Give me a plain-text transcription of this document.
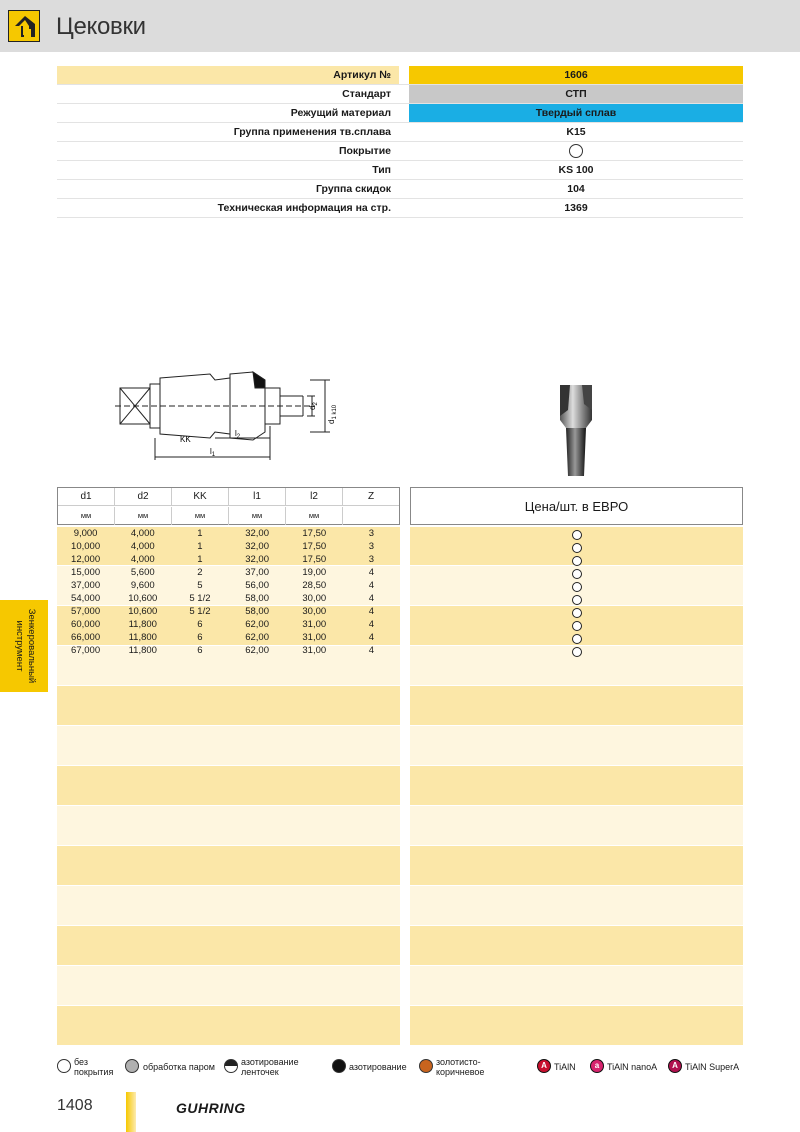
Цековки
Артикул №	1606
Стандарт	СТП
Режущий материал	Твердый сплав
Группа применения тв.сплава	K15
Покрытие
Тип	KS 100
Группа скидок	104
Техническая информация на стр.	1369
KK
$l_2$
$l_1$
$d_2$
$d_{1 k10}$
d1	d2	KK	l1	l2	Z
мм	мм	мм	мм	мм
Цена/шт. в ЕВРО
9,000	4,000	1	32,00	17,50	3
10,000	4,000	1	32,00	17,50	3
12,000	4,000	1	32,00	17,50	3
15,000	5,600	2	37,00	19,00	4
37,000	9,600	5	56,00	28,50	4
54,000	10,600	5 1/2	58,00	30,00	4
57,000	10,600	5 1/2	58,00	30,00	4
60,000	11,800	6	62,00	31,00	4
66,000	11,800	6	62,00	31,00	4
67,000	11,800	6	62,00	31,00	4
Зенкеровальный
инструмент
без
покрытия	обработка паром	азотирование
ленточек	азотирование	золотисто-
коричневое
A TiAlN	a TiAlN nanoA	A TiAlN SuperA
1408	GUHRING
